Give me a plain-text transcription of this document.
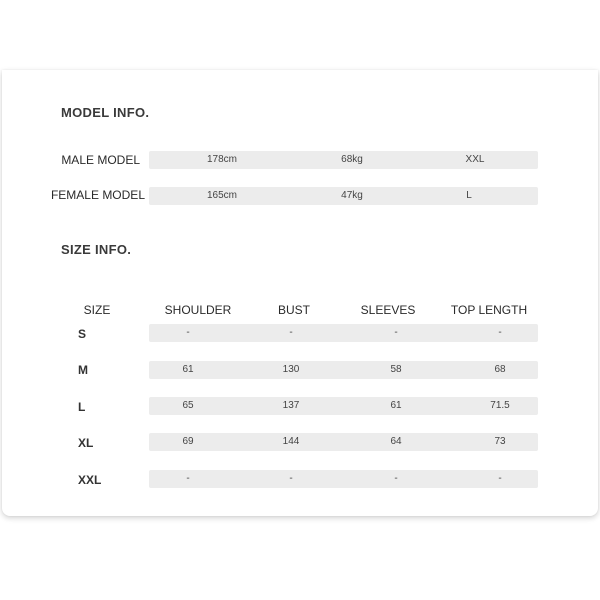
MODEL INFO.
MALE MODEL	178cm	68kg	XXL
FEMALE MODEL	165cm	47kg	L
SIZE INFO.
SIZE	SHOULDER	BUST	SLEEVES	TOP LENGTH
S	-	-	-	-
M	61	130	58	68
L	65	137	61	71.5
XL	69	144	64	73
XXL	-	-	-	-
